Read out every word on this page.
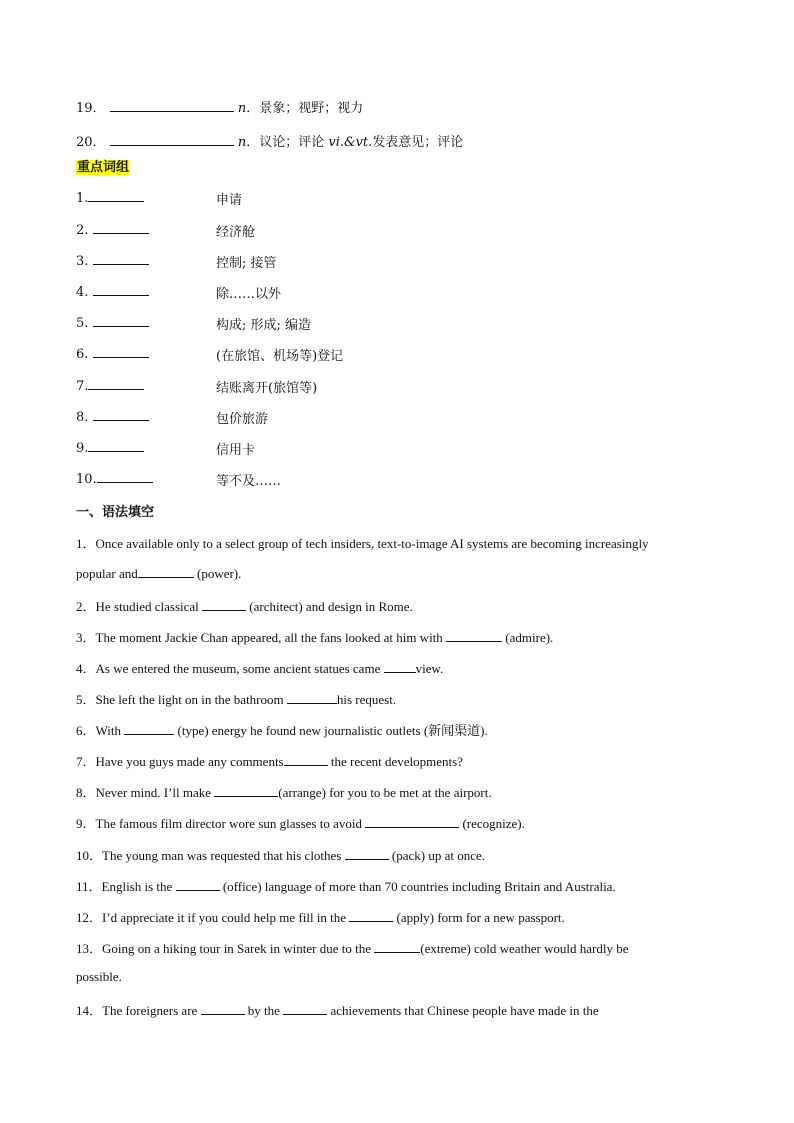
19．	n．景象；视野；视力
20．	n．议论；评论 vi.&vt.发表意见；评论
重点词组
1.	申请
2.	经济舱
3.	控制; 接管
4.	除……以外
5.	构成; 形成; 编造
6.	(在旅馆、机场等)登记
7.	结账离开(旅馆等)
8.	包价旅游
9.	信用卡
10.	等不及……
一、语法填空
1．Once available only to a select group of tech insiders, text-to-image AI systems are becoming increasingly
popular and	(power).
2．He studied classical	(architect) and design in Rome.
3．The moment Jackie Chan appeared, all the fans looked at him with	(admire).
4．As we entered the museum, some ancient statues came view.
5．She left the light on in the bathroom	his request.
6．With	(type) energy he found new journalistic outlets (新闻渠道).
7．Have you guys made any comments	the recent developments?
8．Never mind. I’ll make	(arrange) for you to be met at the airport.
9．The famous film director wore sun glasses to avoid	(recognize).
10．The young man was requested that his clothes	(pack) up at once.
11．English is the	(office) language of more than 70 countries including Britain and Australia.
12．I’d appreciate it if you could help me fill in the	(apply) form for a new passport.
13．Going on a hiking tour in Sarek in winter due to the	(extreme) cold weather would hardly be
possible.
14．The foreigners are	by the	achievements that Chinese people have made in the
